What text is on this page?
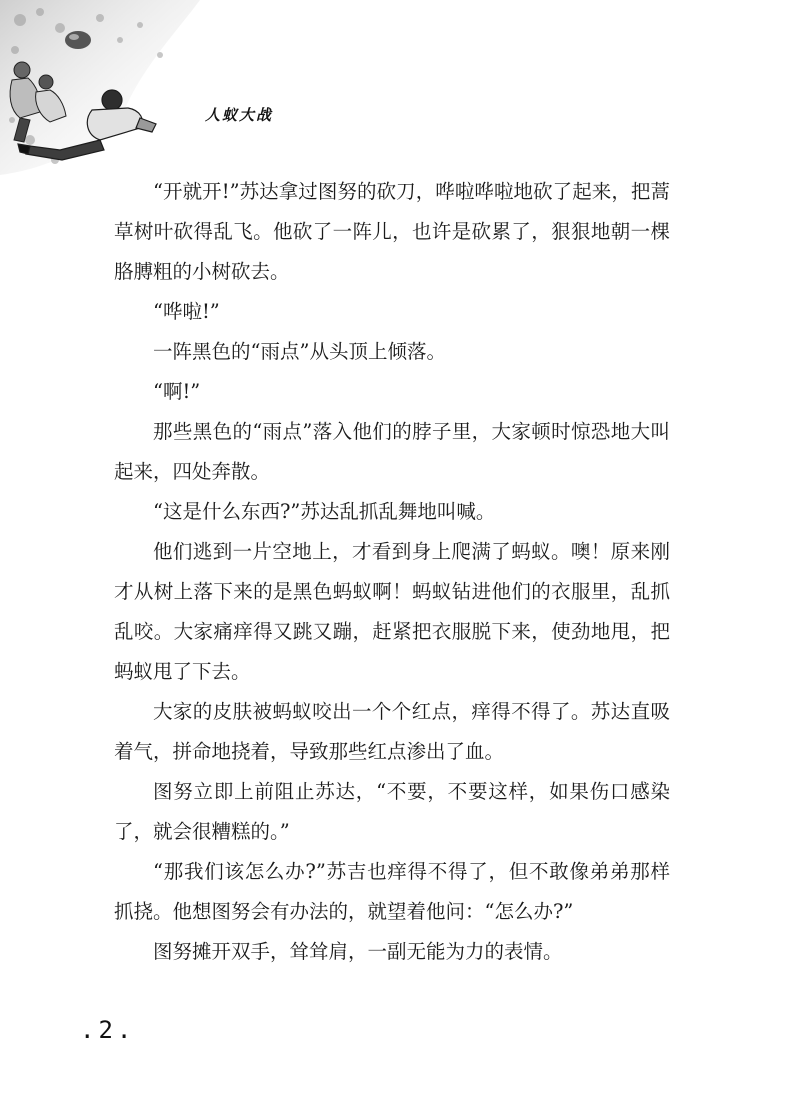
人蚁大战

“开就开!”苏达拿过图努的砍刀，哗啦哗啦地砍了起来，把蒿草树叶砍得乱飞。他砍了一阵儿，也许是砍累了，狠狠地朝一棵胳膊粗的小树砍去。

“哗啦!”

一阵黑色的“雨点”从头顶上倾落。

“啊!”

那些黑色的“雨点”落入他们的脖子里，大家顿时惊恐地大叫起来，四处奔散。

“这是什么东西?”苏达乱抓乱舞地叫喊。

他们逃到一片空地上，才看到身上爬满了蚂蚁。噢！原来刚才从树上落下来的是黑色蚂蚁啊！蚂蚁钻进他们的衣服里，乱抓乱咬。大家痛痒得又跳又蹦，赶紧把衣服脱下来，使劲地甩，把蚂蚁甩了下去。

大家的皮肤被蚂蚁咬出一个个红点，痒得不得了。苏达直吸着气，拼命地挠着，导致那些红点渗出了血。

图努立即上前阻止苏达，“不要，不要这样，如果伤口感染了，就会很糟糕的。”

“那我们该怎么办?”苏吉也痒得不得了，但不敢像弟弟那样抓挠。他想图努会有办法的，就望着他问：“怎么办?”

图努摊开双手，耸耸肩，一副无能为力的表情。

.2.
